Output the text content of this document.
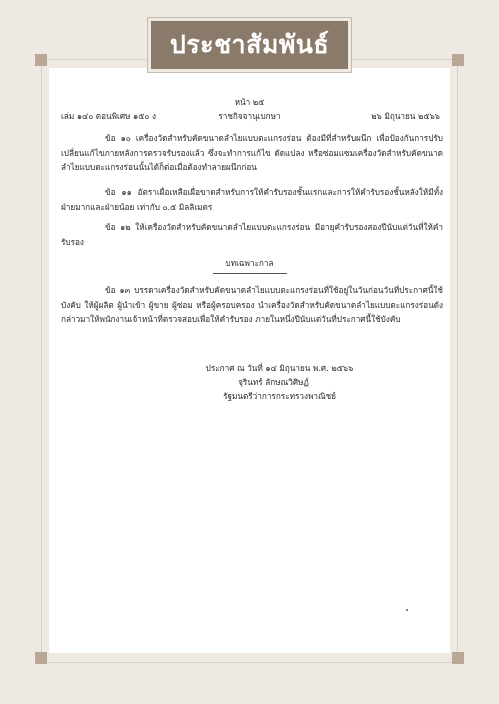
หน้า ๒๕
เล่ม ๑๔๐ ตอนพิเศษ ๑๕๐ ง	ราชกิจจานุเบกษา	๒๖ มิถุนายน ๒๕๖๖
ข้อ ๑๐ เครื่องวัดสำหรับคัดขนาดลำไยแบบตะแกรงร่อน ต้องมีที่สำหรับผนึก เพื่อป้องกันการปรับเปลี่ยนแก้ไขภายหลังการตรวจรับรองแล้ว ซึ่งจะทำการแก้ไข ดัดแปลง หรือซ่อมแซมเครื่องวัดสำหรับคัดขนาดลำไยแบบตะแกรงร่อนนั้นได้ก็ต่อเมื่อต้องทำลายผนึกก่อน
ข้อ ๑๑ อัตราเผื่อเหลือเผื่อขาดสำหรับการให้คำรับรองชั้นแรกและการให้คำรับรองชั้นหลังให้มีทั้งฝ่ายมากและฝ่ายน้อย เท่ากับ ๐.๕ มิลลิเมตร
ข้อ ๑๒ ให้เครื่องวัดสำหรับคัดขนาดลำไยแบบตะแกรงร่อน มีอายุคำรับรองสองปีนับแต่วันที่ให้คำรับรอง
บทเฉพาะกาล
ข้อ ๑๓ บรรดาเครื่องวัดสำหรับคัดขนาดลำไยแบบตะแกรงร่อนที่ใช้อยู่ในวันก่อนวันที่ประกาศนี้ใช้บังคับ ให้ผู้ผลิต ผู้นำเข้า ผู้ขาย ผู้ซ่อม หรือผู้ครอบครอง นำเครื่องวัดสำหรับคัดขนาดลำไยแบบตะแกรงร่อนดังกล่าวมาให้พนักงานเจ้าหน้าที่ตรวจสอบเพื่อให้คำรับรอง ภายในหนึ่งปีนับแต่วันที่ประกาศนี้ใช้บังคับ
ประกาศ ณ วันที่ ๑๔ มิถุนายน พ.ศ. ๒๕๖๖
จุรินทร์ ลักษณวิศิษฏ์
รัฐมนตรีว่าการกระทรวงพาณิชย์
ประชาสัมพันธ์
